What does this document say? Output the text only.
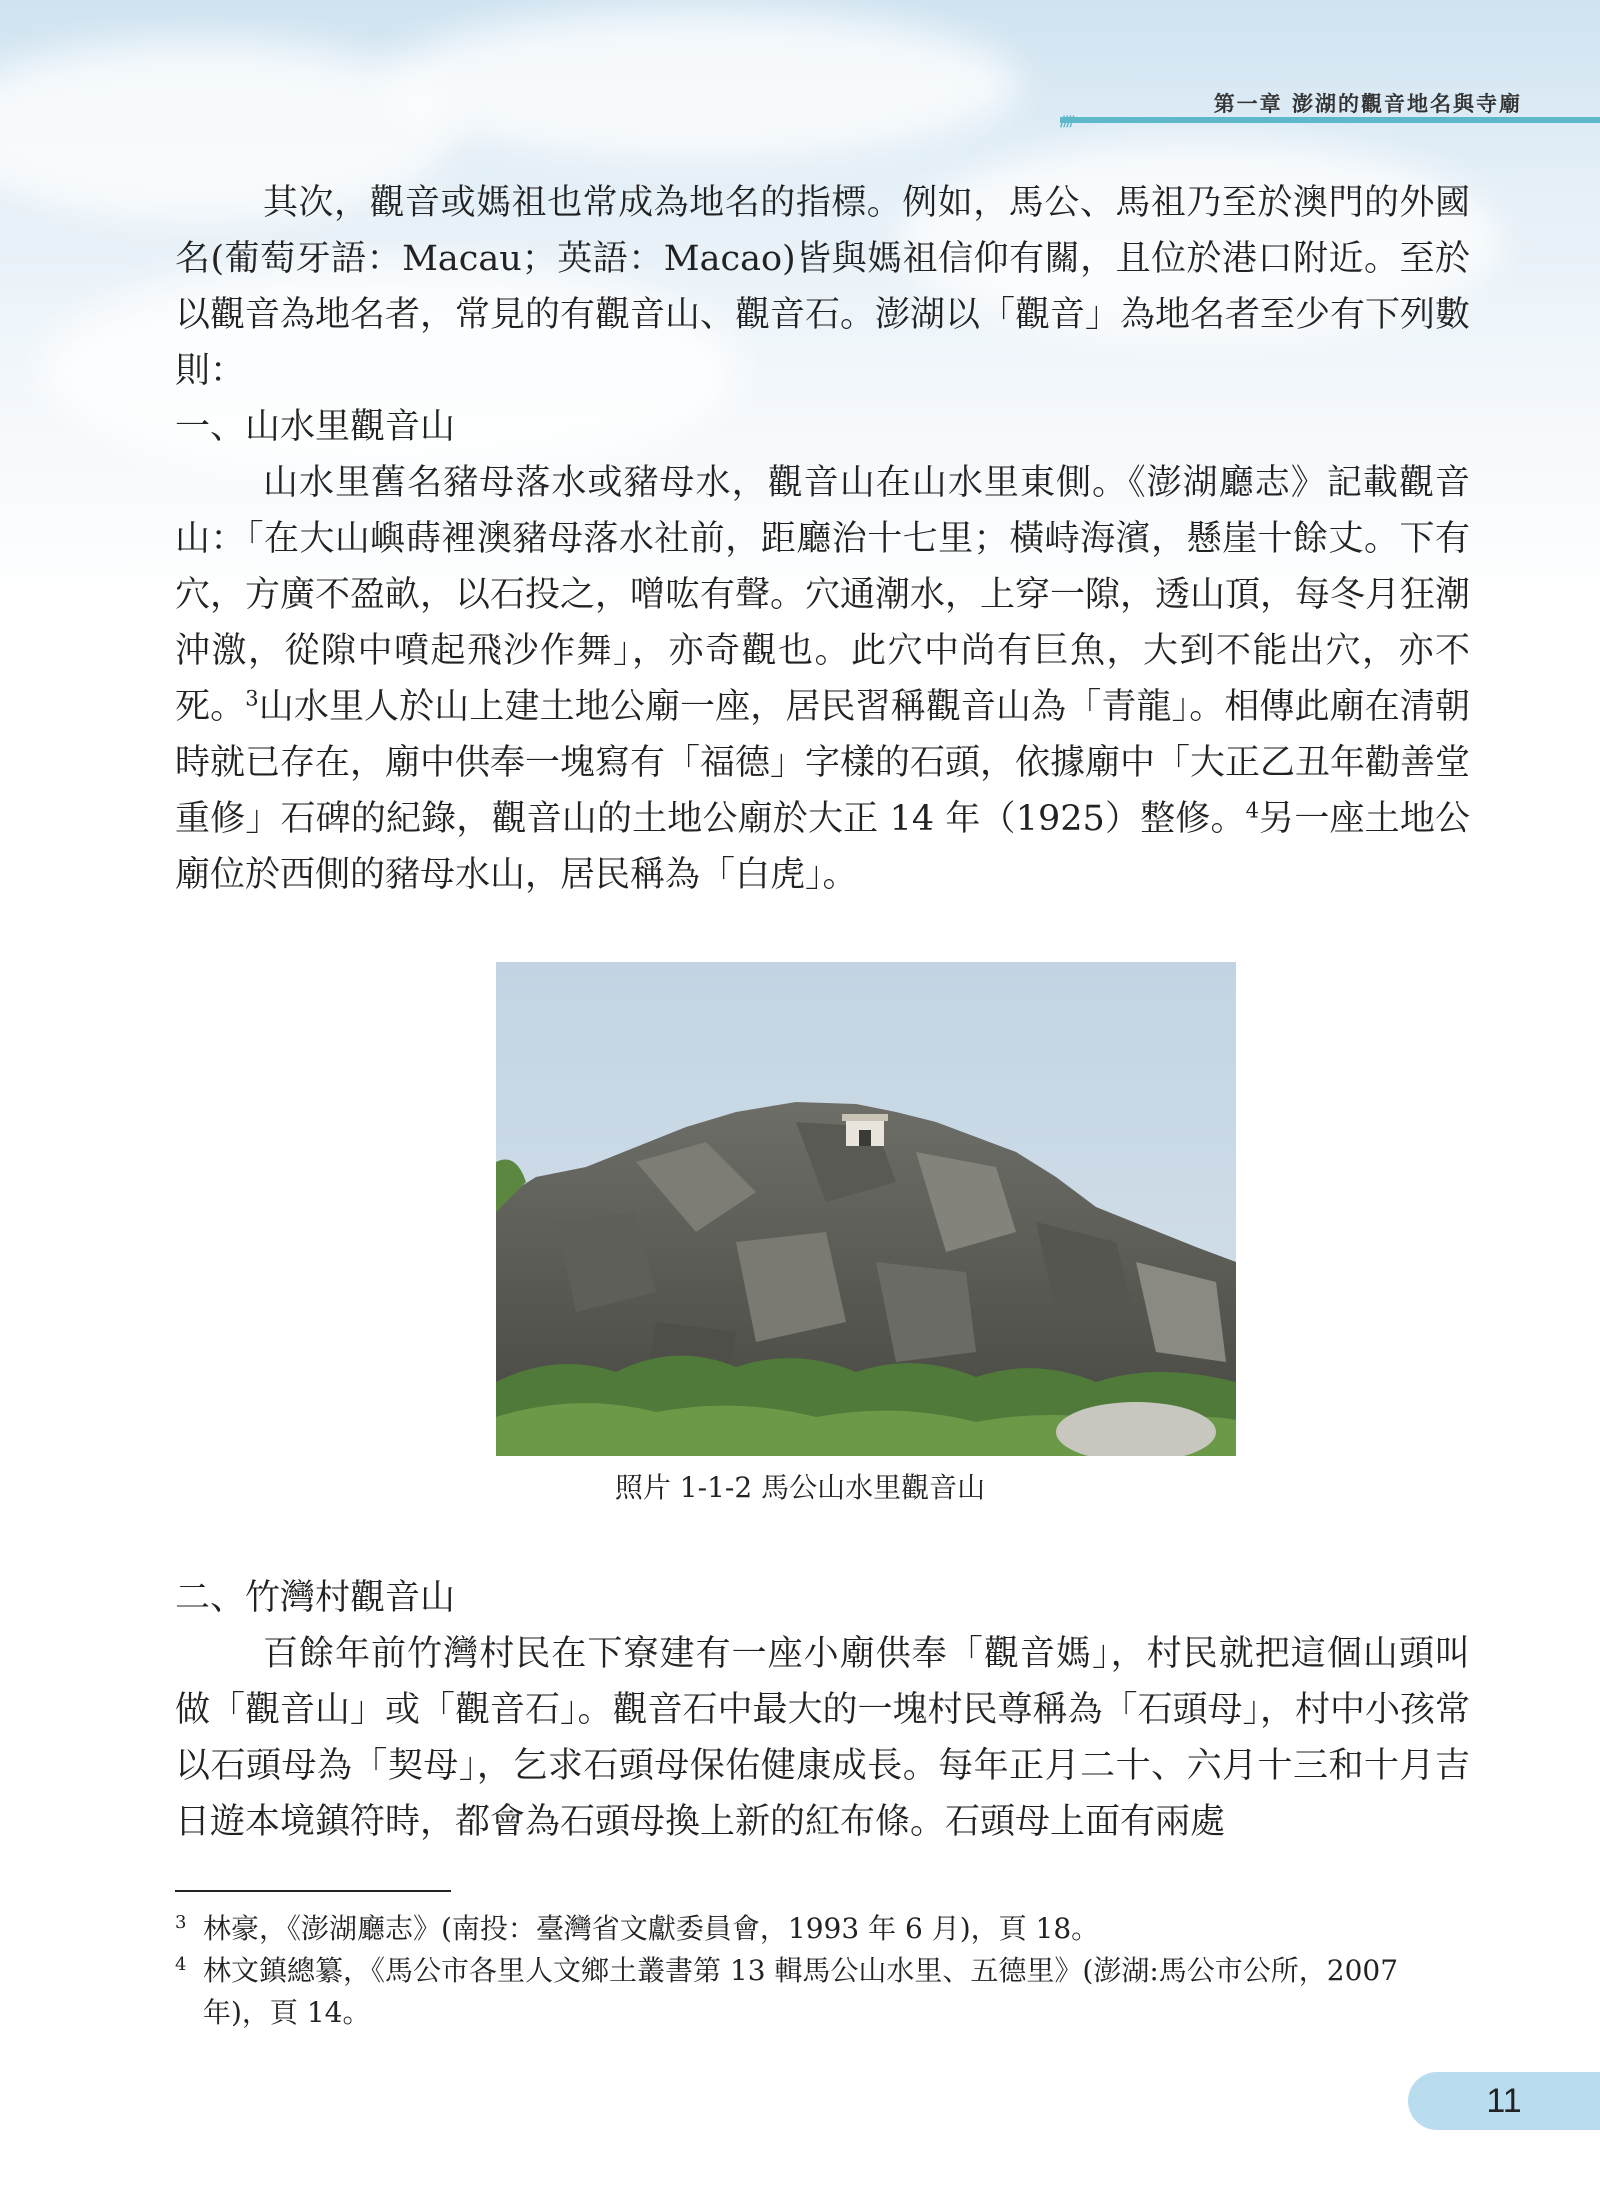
第一章 澎湖的觀音地名與寺廟

其次，觀音或媽祖也常成為地名的指標。例如，馬公、馬祖乃至於澳門的外國名(葡萄牙語：Macau；英語：Macao)皆與媽祖信仰有關，且位於港口附近。至於以觀音為地名者，常見的有觀音山、觀音石。澎湖以「觀音」為地名者至少有下列數則：

一、山水里觀音山

山水里舊名豬母落水或豬母水，觀音山在山水里東側。《澎湖廳志》記載觀音山：「在大山嶼蒔裡澳豬母落水社前，距廳治十七里；橫峙海濱，懸崖十餘丈。下有穴，方廣不盈畝，以石投之，噌吰有聲。穴通潮水，上穿一隙，透山頂，每冬月狂潮沖激，從隙中噴起飛沙作舞」，亦奇觀也。此穴中尚有巨魚，大到不能出穴，亦不死。$^3$山水里人於山上建土地公廟一座，居民習稱觀音山為「青龍」。相傳此廟在清朝時就已存在，廟中供奉一塊寫有「福德」字樣的石頭，依據廟中「大正乙丑年勸善堂重修」石碑的紀錄，觀音山的土地公廟於大正 14 年（1925）整修。$^4$另一座土地公廟位於西側的豬母水山，居民稱為「白虎」。

照片 1-1-2 馬公山水里觀音山
二、竹灣村觀音山

百餘年前竹灣村民在下寮建有一座小廟供奉「觀音媽」，村民就把這個山頭叫做「觀音山」或「觀音石」。觀音石中最大的一塊村民尊稱為「石頭母」，村中小孩常以石頭母為「契母」，乞求石頭母保佑健康成長。每年正月二十、六月十三和十月吉日遊本境鎮符時，都會為石頭母換上新的紅布條。石頭母上面有兩處

3 林豪，《澎湖廳志》(南投：臺灣省文獻委員會，1993 年 6 月)，頁 18。

4 林文鎮總纂，《馬公市各里人文鄉土叢書第 13 輯馬公山水里、五德里》(澎湖:馬公市公所，2007 年)，頁 14。

11
